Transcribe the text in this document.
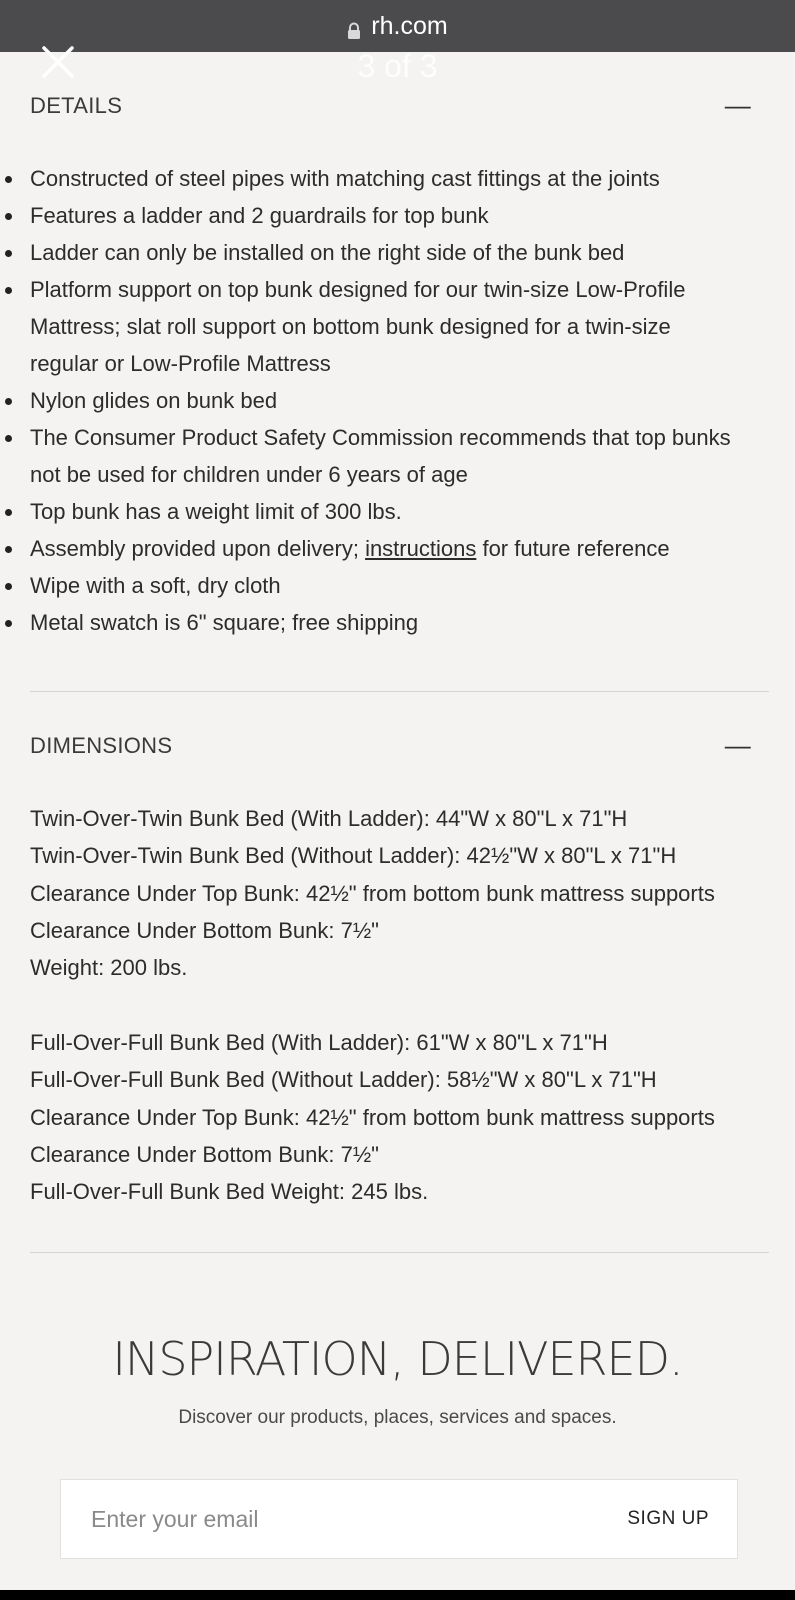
rh.com
3 of 3
DETAILS	—
Constructed of steel pipes with matching cast fittings at the joints
Features a ladder and 2 guardrails for top bunk
Ladder can only be installed on the right side of the bunk bed
Platform support on top bunk designed for our twin-size Low-Profile
Mattress; slat roll support on bottom bunk designed for a twin-size
regular or Low-Profile Mattress
Nylon glides on bunk bed
The Consumer Product Safety Commission recommends that top bunks
not be used for children under 6 years of age
Top bunk has a weight limit of 300 lbs.
Assembly provided upon delivery; instructions for future reference
Wipe with a soft, dry cloth
Metal swatch is 6" square; free shipping
DIMENSIONS	—
Twin-Over-Twin Bunk Bed (With Ladder): 44"W x 80"L x 71"H
Twin-Over-Twin Bunk Bed (Without Ladder): 42½"W x 80"L x 71"H
Clearance Under Top Bunk: 42½" from bottom bunk mattress supports
Clearance Under Bottom Bunk: 7½"
Weight: 200 lbs.
Full-Over-Full Bunk Bed (With Ladder): 61"W x 80"L x 71"H
Full-Over-Full Bunk Bed (Without Ladder): 58½"W x 80"L x 71"H
Clearance Under Top Bunk: 42½" from bottom bunk mattress supports
Clearance Under Bottom Bunk: 7½"
Full-Over-Full Bunk Bed Weight: 245 lbs.
INSPIRATION, DELIVERED.
Discover our products, places, services and spaces.
Enter your email
SIGN UP
